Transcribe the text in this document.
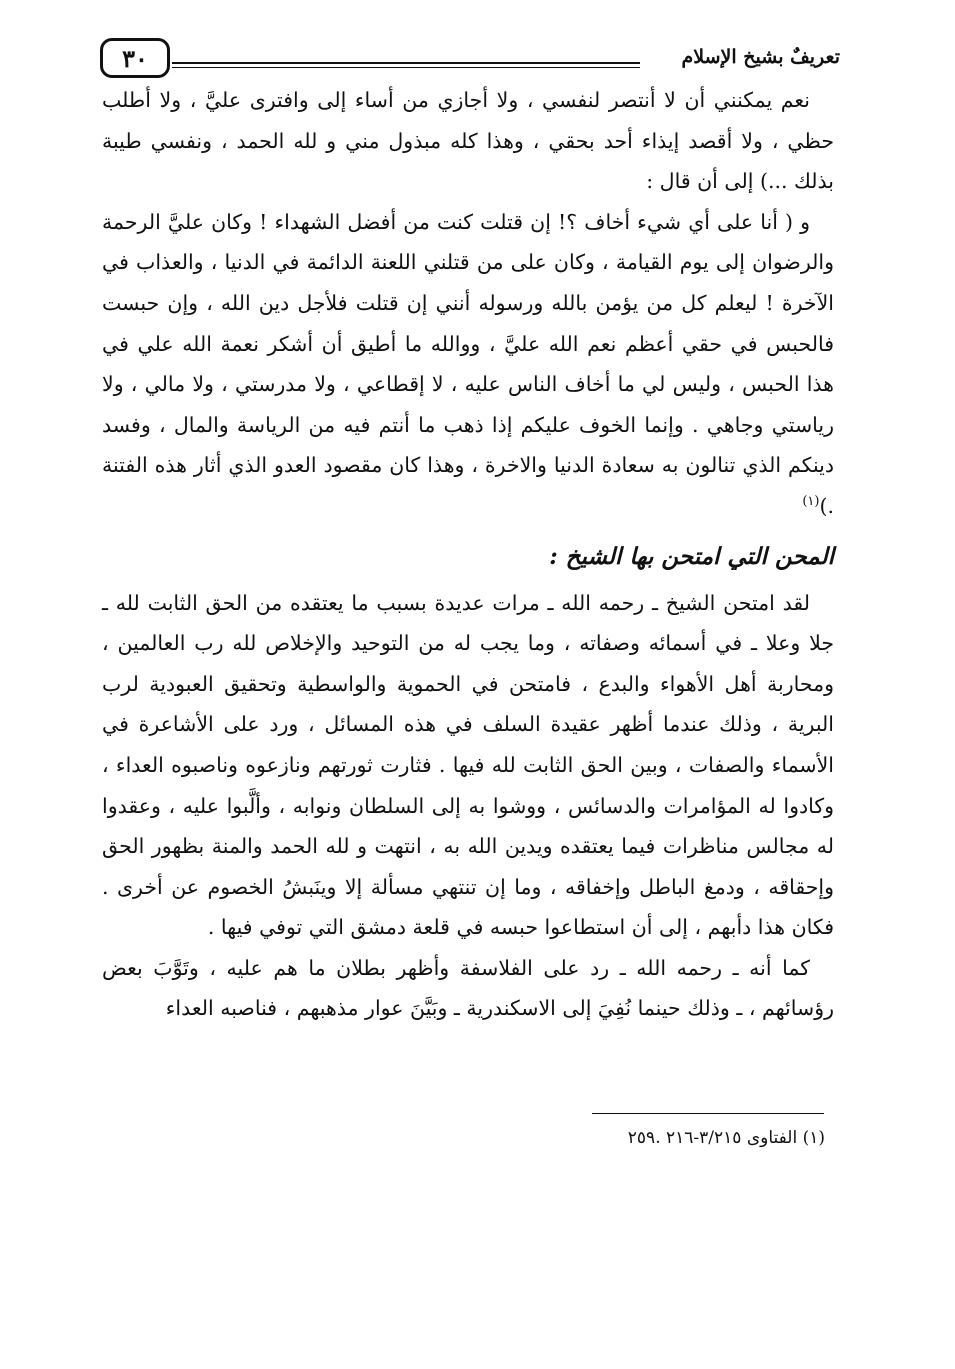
٣٠	تعريفٌ بشيخ الإسلام

نعم يمكنني أن لا أنتصر لنفسي ، ولا أجازي من أساء إلى وافترى عليَّ ، ولا أطلب حظي ، ولا أقصد إيذاء أحد بحقي ، وهذا كله مبذول مني و لله الحمد ، ونفسي طيبة بذلك ...) إلى أن قال :

و ( أنا على أي شيء أخاف ؟! إن قتلت كنت من أفضل الشهداء ! وكان عليَّ الرحمة والرضوان إلى يوم القيامة ، وكان على من قتلني اللعنة الدائمة في الدنيا ، والعذاب في الآخرة ! ليعلم كل من يؤمن بالله ورسوله أنني إن قتلت فلأجل دين الله ، وإن حبست فالحبس في حقي أعظم نعم الله عليَّ ، ووالله ما أطيق أن أشكر نعمة الله علي في هذا الحبس ، وليس لي ما أخاف الناس عليه ، لا إقطاعي ، ولا مدرستي ، ولا مالي ، ولا رياستي وجاهي . وإنما الخوف عليكم إذا ذهب ما أنتم فيه من الرياسة والمال ، وفسد دينكم الذي تنالون به سعادة الدنيا والاخرة ، وهذا كان مقصود العدو الذي أثار هذه الفتنة .)$^{(١)}$

المحن التي امتحن بها الشيخ :

لقد امتحن الشيخ ـ رحمه الله ـ مرات عديدة بسبب ما يعتقده من الحق الثابت لله ـ جلا وعلا ـ في أسمائه وصفاته ، وما يجب له من التوحيد والإخلاص لله رب العالمين ، ومحاربة أهل الأهواء والبدع ، فامتحن في الحموية والواسطية وتحقيق العبودية لرب البرية ، وذلك عندما أظهر عقيدة السلف في هذه المسائل ، ورد على الأشاعرة في الأسماء والصفات ، وبين الحق الثابت لله فيها . فثارت ثورتهم ونازعوه وناصبوه العداء ، وكادوا له المؤامرات والدسائس ، ووشوا به إلى السلطان ونوابه ، وألَّبوا عليه ، وعقدوا له مجالس مناظرات فيما يعتقده ويدين الله به ، انتهت و لله الحمد والمنة بظهور الحق وإحقاقه ، ودمغ الباطل وإخفاقه ، وما إن تنتهي مسألة إلا وينَبشُ الخصوم عن أخرى . فكان هذا دأبهم ، إلى أن استطاعوا حبسه في قلعة دمشق التي توفي فيها .

كما أنه ـ رحمه الله ـ رد على الفلاسفة وأظهر بطلان ما هم عليه ، وتَوَّبَ بعض رؤسائهم ، ـ وذلك حينما نُفِيَ إلى الاسكندرية ـ وبَيَّنَ عوار مذهبهم ، فناصبه العداء

(١) الفتاوى ٣/٢١٥-٢١٦ .٢٥٩
